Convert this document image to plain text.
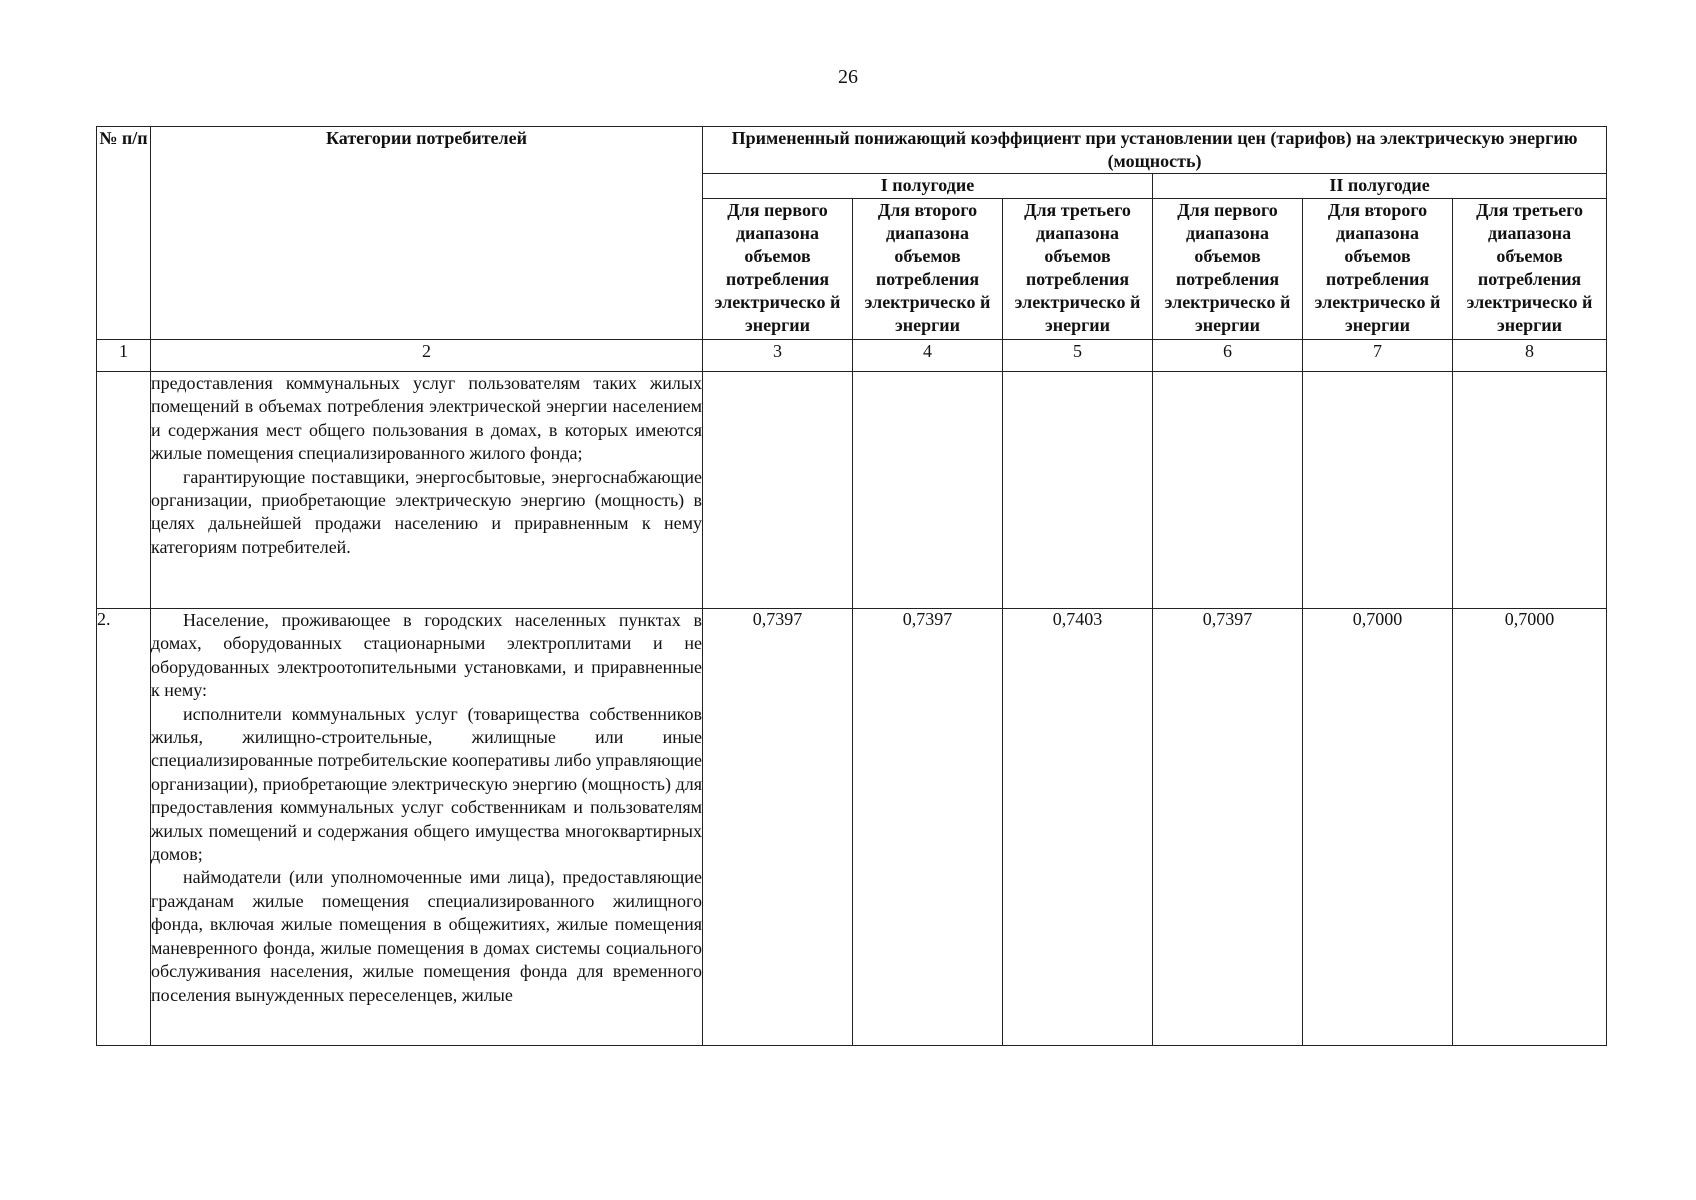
26
№ п/п	Категории потребителей	Примененный понижающий коэффициент при установлении цен (тарифов) на электрическую энергию (мощность)					
		I полугодие			II полугодие		
		Для первого диапазона объемов потребления электрическо й энергии	Для второго диапазона объемов потребления электрическо й энергии	Для третьего диапазона объемов потребления электрическо й энергии	Для первого диапазона объемов потребления электрическо й энергии	Для второго диапазона объемов потребления электрическо й энергии	Для третьего диапазона объемов потребления электрическо й энергии
1	2	3	4	5	6	7	8

	предоставления коммунальных услуг пользователям таких жилых помещений в объемах потребления электрической энергии населением и содержания мест общего пользования в домах, в которых имеются жилые помещения специализированного жилого фонда;

гарантирующие поставщики, энергосбытовые, энергоснабжающие организации, приобретающие электрическую энергию (мощность) в целях дальнейшей продажи населению и приравненным к нему категориям потребителей.						

2.	Население, проживающее в городских населенных пунктах в домах, оборудованных стационарными электроплитами и не оборудованных электроотопительными установками, и приравненные к нему:

исполнители коммунальных услуг (товарищества собственников жилья, жилищно-строительные, жилищные или иные специализированные потребительские кооперативы либо управляющие организации), приобретающие электрическую энергию (мощность) для предоставления коммунальных услуг собственникам и пользователям жилых помещений и содержания общего имущества многоквартирных домов;

наймодатели (или уполномоченные ими лица), предоставляющие гражданам жилые помещения специализированного жилищного фонда, включая жилые помещения в общежитиях, жилые помещения маневренного фонда, жилые помещения в домах системы социального обслуживания населения, жилые помещения фонда для временного поселения вынужденных переселенцев, жилые	0,7397	0,7397	0,7403	0,7397	0,7000	0,7000
